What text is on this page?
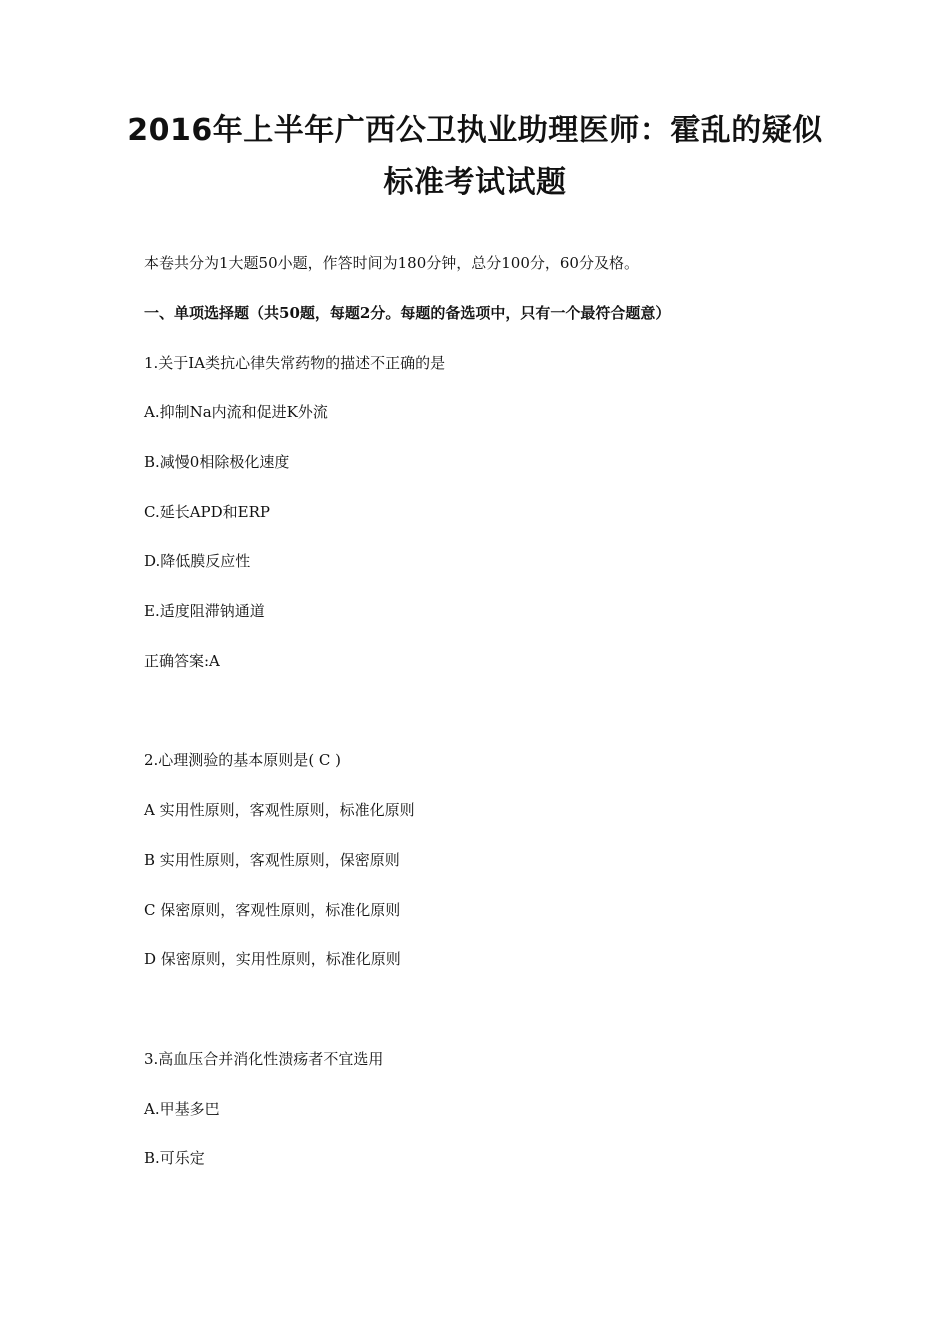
2016年上半年广西公卫执业助理医师：霍乱的疑似
标准考试试题
本卷共分为1大题50小题，作答时间为180分钟，总分100分，60分及格。
一、单项选择题（共50题，每题2分。每题的备选项中，只有一个最符合题意）
1.关于ⅠA类抗心律失常药物的描述不正确的是
A.抑制Na内流和促进K外流
B.减慢0相除极化速度
C.延长APD和ERP
D.降低膜反应性
E.适度阻滞钠通道
正确答案:A
2.心理测验的基本原则是( C )
A 实用性原则，客观性原则，标准化原则
B 实用性原则，客观性原则，保密原则
C 保密原则，客观性原则，标准化原则
D 保密原则，实用性原则，标准化原则
3.高血压合并消化性溃疡者不宜选用
A.甲基多巴
B.可乐定
